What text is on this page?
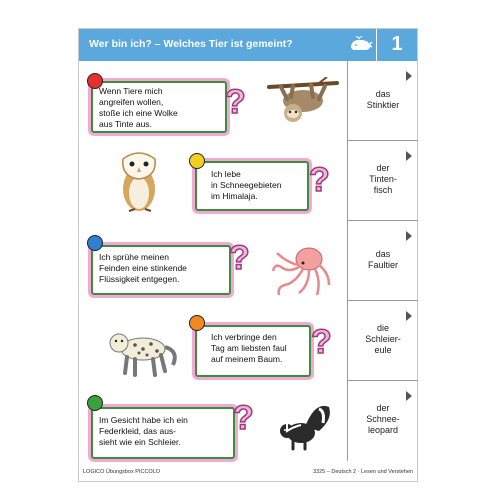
Wer bin ich? – Welches Tier ist gemeint?	1
?
Wenn Tiere mich
angreifen wollen,
stoße ich eine Wolke
aus Tinte aus.
?
Ich lebe
in Schneegebieten
im Himalaja.
?
Ich sprühe meinen
Feinden eine stinkende
Flüssigkeit entgegen.
?
Ich verbringe den
Tag am liebsten faul
auf meinem Baum.
?
Im Gesicht habe ich ein
Federkleid, das aus-
sieht wie ein Schleier.
das
Stinktier
der
Tinten-
fisch
das
Faultier
die
Schleier-
eule
der
Schnee-
leopard
LOGICO Übungsbox PICCOLO	3325 – Deutsch 2 · Lesen und Verstehen
